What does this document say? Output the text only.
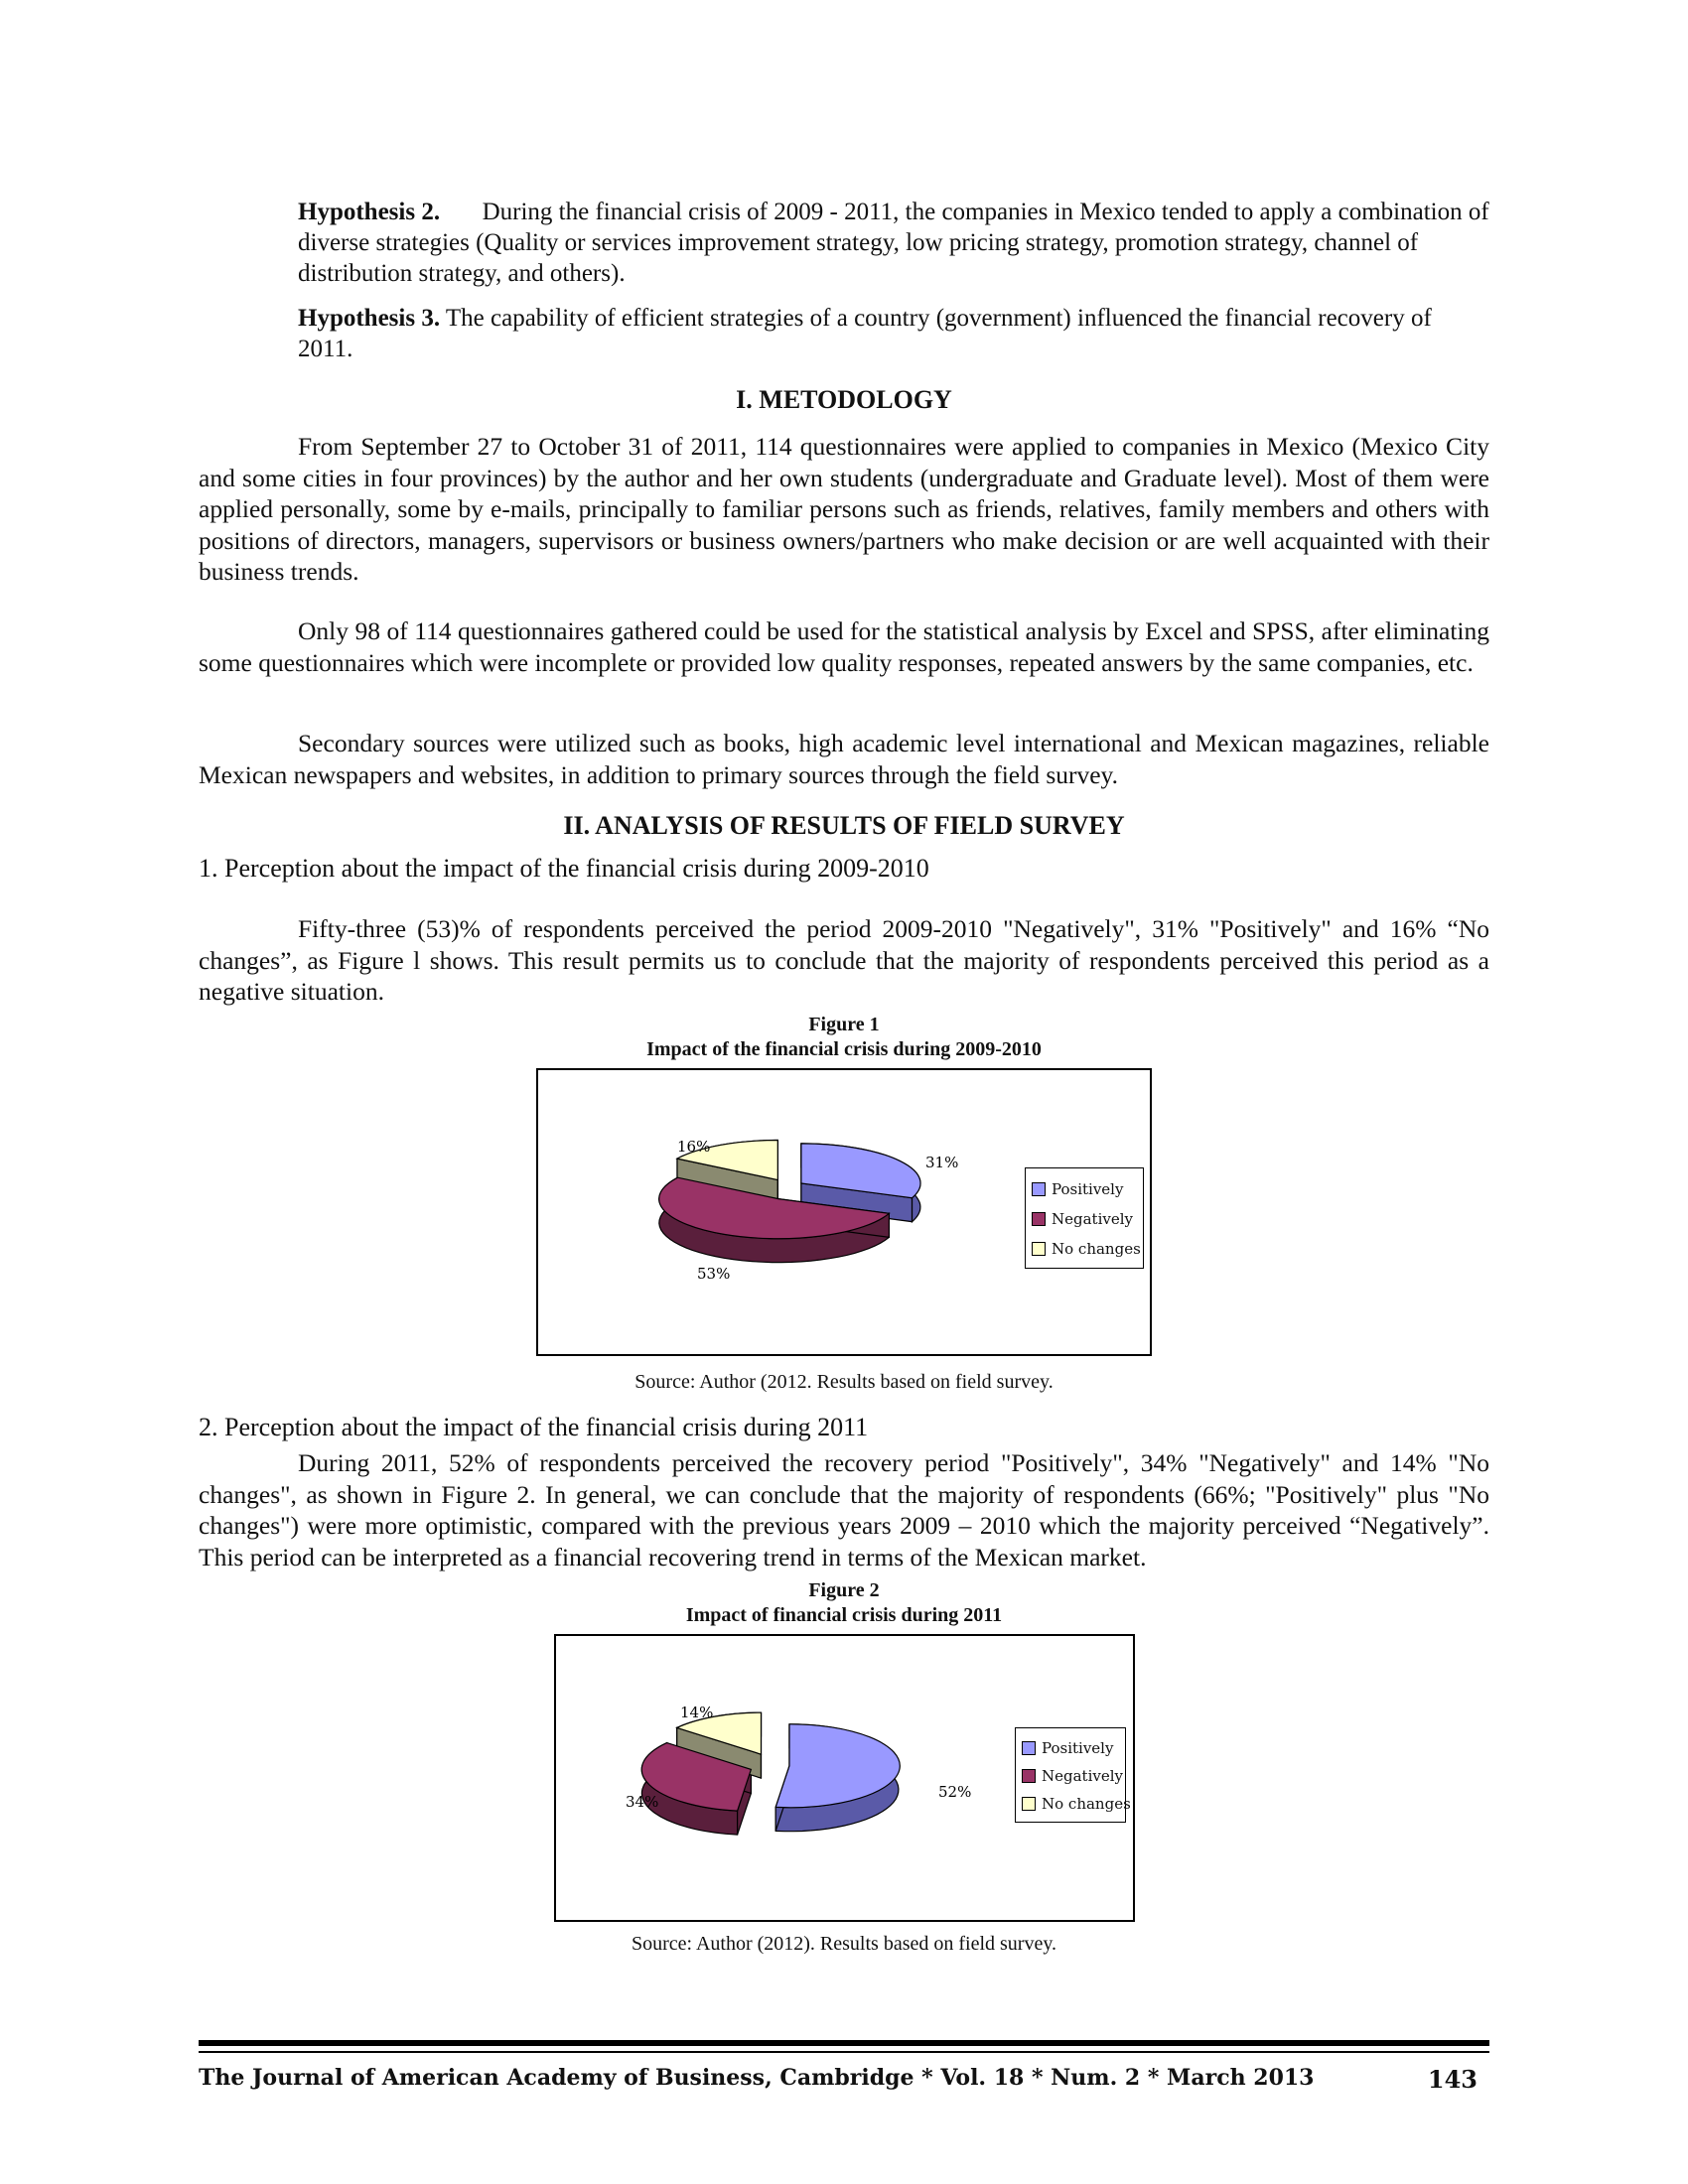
Hypothesis 2. During the financial crisis of 2009 - 2011, the companies in Mexico tended to apply a combination of diverse strategies (Quality or services improvement strategy, low pricing strategy, promotion strategy, channel of distribution strategy, and others).
Hypothesis 3. The capability of efficient strategies of a country (government) influenced the financial recovery of 2011.
I. METODOLOGY

From September 27 to October 31 of 2011, 114 questionnaires were applied to companies in Mexico (Mexico City and some cities in four provinces) by the author and her own students (undergraduate and Graduate level). Most of them were applied personally, some by e-mails, principally to familiar persons such as friends, relatives, family members and others with positions of directors, managers, supervisors or business owners/partners who make decision or are well acquainted with their business trends.

Only 98 of 114 questionnaires gathered could be used for the statistical analysis by Excel and SPSS, after eliminating some questionnaires which were incomplete or provided low quality responses, repeated answers by the same companies, etc.

Secondary sources were utilized such as books, high academic level international and Mexican magazines, reliable Mexican newspapers and websites, in addition to primary sources through the field survey.

II. ANALYSIS OF RESULTS OF FIELD SURVEY
1. Perception about the impact of the financial crisis during 2009-2010

Fifty-three (53)% of respondents perceived the period 2009-2010 "Negatively", 31% "Positively" and 16% “No changes”, as Figure l shows. This result permits us to conclude that the majority of respondents perceived this period as a negative situation.

Figure 1
Impact of the financial crisis during 2009-2010
31%
53%
16%
Positively
Negatively
No changes
Source: Author (2012. Results based on field survey.
2. Perception about the impact of the financial crisis during 2011

During 2011, 52% of respondents perceived the recovery period "Positively", 34% "Negatively" and 14% "No changes", as shown in Figure 2. In general, we can conclude that the majority of respondents (66%; "Positively" plus "No changes") were more optimistic, compared with the previous years 2009 – 2010 which the majority perceived “Negatively”. This period can be interpreted as a financial recovering trend in terms of the Mexican market.

Figure 2
Impact of financial crisis during 2011
52%
34%
14%
Positively
Negatively
No changes
Source: Author (2012). Results based on field survey.
The Journal of American Academy of Business, Cambridge * Vol. 18 * Num. 2 * March 2013	143
